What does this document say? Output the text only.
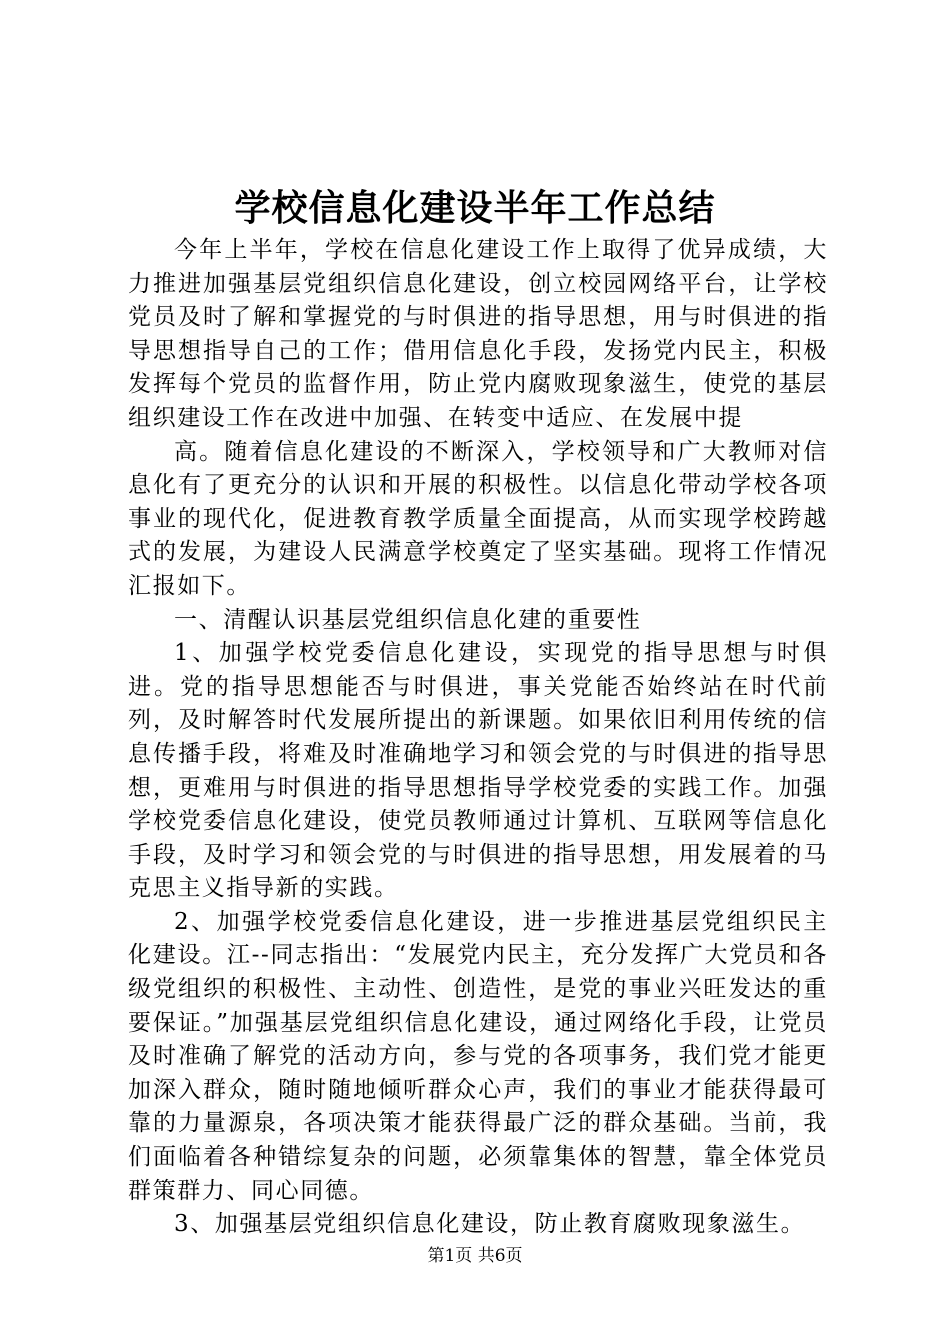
学校信息化建设半年工作总结

今年上半年，学校在信息化建设工作上取得了优异成绩，大力推进加强基层党组织信息化建设，创立校园网络平台，让学校党员及时了解和掌握党的与时俱进的指导思想，用与时俱进的指导思想指导自己的工作；借用信息化手段，发扬党内民主，积极发挥每个党员的监督作用，防止党内腐败现象滋生，使党的基层组织建设工作在改进中加强、在转变中适应、在发展中提

高。随着信息化建设的不断深入，学校领导和广大教师对信息化有了更充分的认识和开展的积极性。以信息化带动学校各项事业的现代化，促进教育教学质量全面提高，从而实现学校跨越式的发展，为建设人民满意学校奠定了坚实基础。现将工作情况汇报如下。

一、清醒认识基层党组织信息化建的重要性

1、加强学校党委信息化建设，实现党的指导思想与时俱进。党的指导思想能否与时俱进，事关党能否始终站在时代前列，及时解答时代发展所提出的新课题。如果依旧利用传统的信息传播手段，将难及时准确地学习和领会党的与时俱进的指导思想，更难用与时俱进的指导思想指导学校党委的实践工作。加强学校党委信息化建设，使党员教师通过计算机、互联网等信息化手段，及时学习和领会党的与时俱进的指导思想，用发展着的马克思主义指导新的实践。

2、加强学校党委信息化建设，进一步推进基层党组织民主化建设。江--同志指出：“发展党内民主，充分发挥广大党员和各级党组织的积极性、主动性、创造性，是党的事业兴旺发达的重要保证。”加强基层党组织信息化建设，通过网络化手段，让党员及时准确了解党的活动方向，参与党的各项事务，我们党才能更加深入群众，随时随地倾听群众心声，我们的事业才能获得最可靠的力量源泉，各项决策才能获得最广泛的群众基础。当前，我们面临着各种错综复杂的问题，必须靠集体的智慧，靠全体党员群策群力、同心同德。

3、加强基层党组织信息化建设，防止教育腐败现象滋生。

第1页 共6页
